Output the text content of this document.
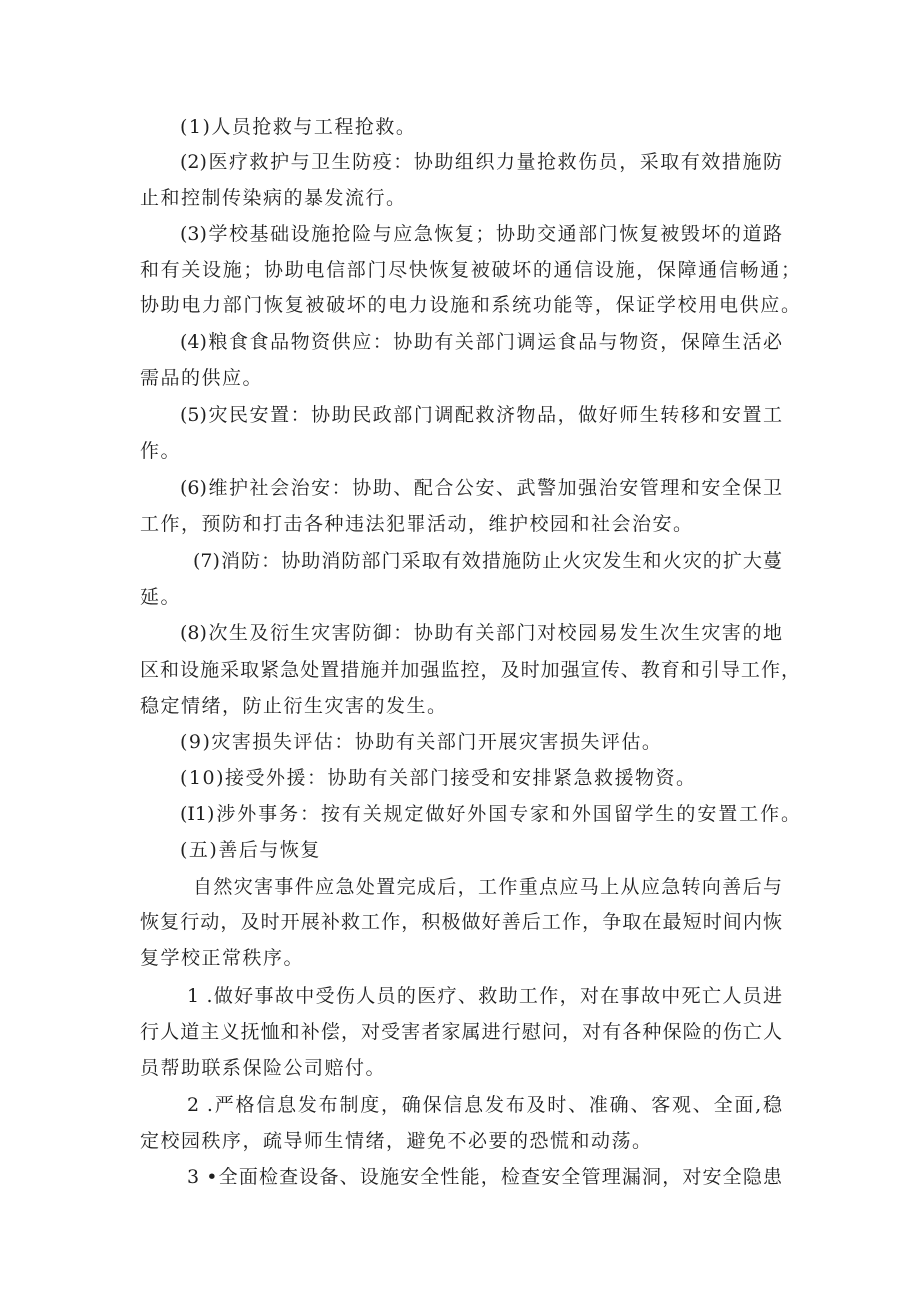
(1)人员抢救与工程抢救。
(2)医疗救护与卫生防疫：协助组织力量抢救伤员，采取有效措施防
止和控制传染病的暴发流行。
(3)学校基础设施抢险与应急恢复；协助交通部门恢复被毁坏的道路
和有关设施；协助电信部门尽快恢复被破坏的通信设施，保障通信畅通；
协助电力部门恢复被破坏的电力设施和系统功能等，保证学校用电供应。
(4)粮食食品物资供应：协助有关部门调运食品与物资，保障生活必
需品的供应。
(5)灾民安置：协助民政部门调配救济物品，做好师生转移和安置工
作。
(6)维护社会治安：协助、配合公安、武警加强治安管理和安全保卫
工作，预防和打击各种违法犯罪活动，维护校园和社会治安。
(7)消防：协助消防部门采取有效措施防止火灾发生和火灾的扩大蔓
延。
(8)次生及衍生灾害防御：协助有关部门对校园易发生次生灾害的地
区和设施采取紧急处置措施并加强监控，及时加强宣传、教育和引导工作，
稳定情绪，防止衍生灾害的发生。
(9)灾害损失评估：协助有关部门开展灾害损失评估。
(10)接受外援：协助有关部门接受和安排紧急救援物资。
(I1)涉外事务：按有关规定做好外国专家和外国留学生的安置工作。
(五)善后与恢复
自然灾害事件应急处置完成后，工作重点应马上从应急转向善后与
恢复行动，及时开展补救工作，积极做好善后工作，争取在最短时间内恢
复学校正常秩序。
1 .做好事故中受伤人员的医疗、救助工作，对在事故中死亡人员进
行人道主义抚恤和补偿，对受害者家属进行慰问，对有各种保险的伤亡人
员帮助联系保险公司赔付。
2 .严格信息发布制度，确保信息发布及时、准确、客观、全面,稳
定校园秩序，疏导师生情绪，避免不必要的恐慌和动荡。
3 •全面检查设备、设施安全性能，检查安全管理漏洞，对安全隐患
